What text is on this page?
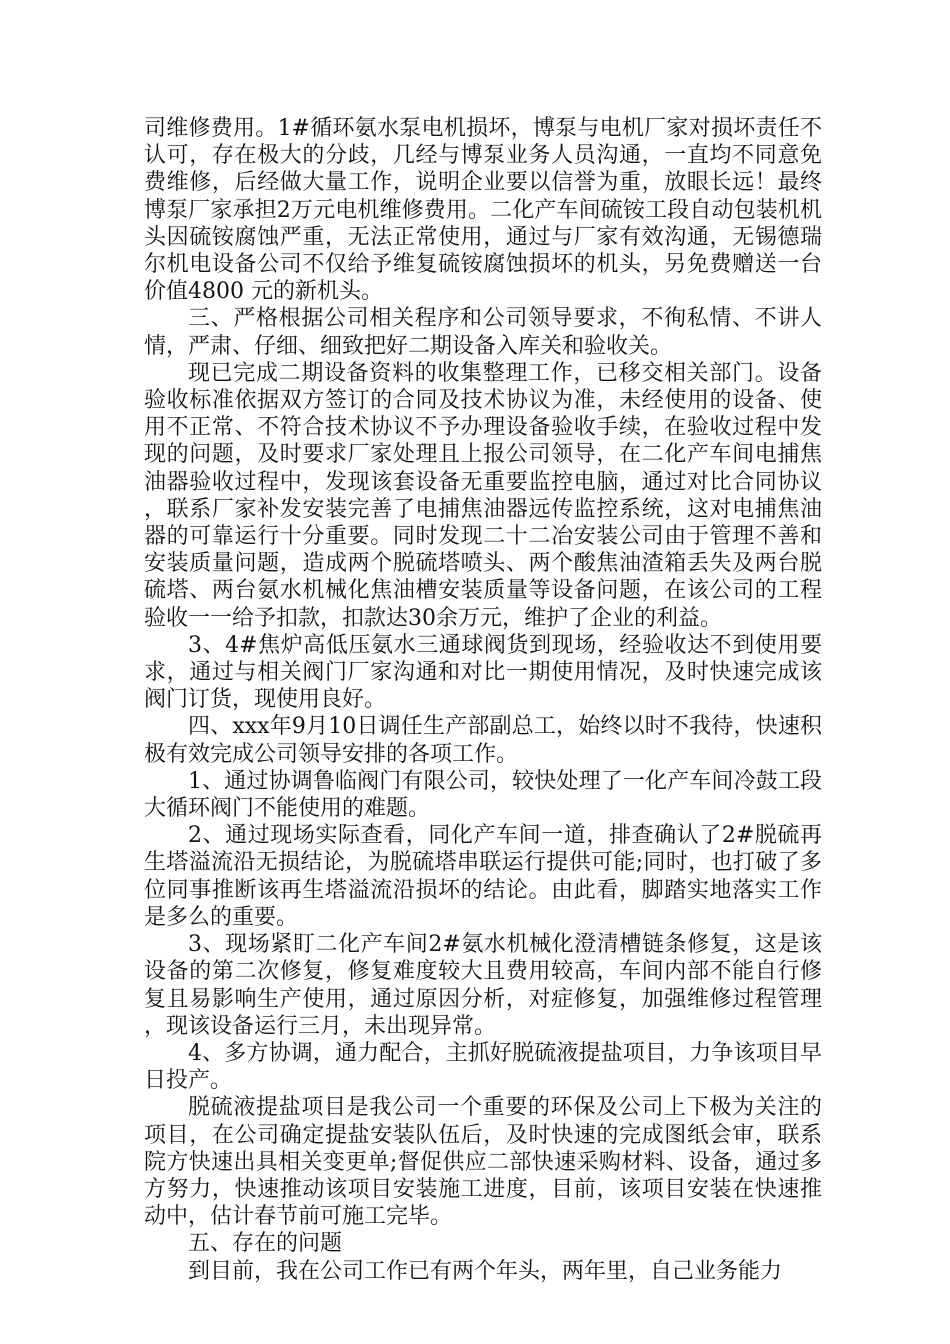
司维修费用。1#循环氨水泵电机损坏，博泵与电机厂家对损坏责任不认可，存在极大的分歧，几经与博泵业务人员沟通，一直均不同意免费维修，后经做大量工作，说明企业要以信誉为重，放眼长远！最终博泵厂家承担2万元电机维修费用。二化产车间硫铵工段自动包装机机头因硫铵腐蚀严重，无法正常使用，通过与厂家有效沟通，无锡德瑞尔机电设备公司不仅给予维复硫铵腐蚀损坏的机头，另免费赠送一台价值4800 元的新机头。

三、严格根据公司相关程序和公司领导要求，不徇私情、不讲人情，严肃、仔细、细致把好二期设备入库关和验收关。

现已完成二期设备资料的收集整理工作，已移交相关部门。设备验收标准依据双方签订的合同及技术协议为准，未经使用的设备、使用不正常、不符合技术协议不予办理设备验收手续，在验收过程中发现的问题，及时要求厂家处理且上报公司领导，在二化产车间电捕焦油器验收过程中，发现该套设备无重要监控电脑，通过对比合同协议，联系厂家补发安装完善了电捕焦油器远传监控系统，这对电捕焦油器的可靠运行十分重要。同时发现二十二冶安装公司由于管理不善和安装质量问题，造成两个脱硫塔喷头、两个酸焦油渣箱丢失及两台脱硫塔、两台氨水机械化焦油槽安装质量等设备问题，在该公司的工程验收一一给予扣款，扣款达30余万元，维护了企业的利益。

3、4#焦炉高低压氨水三通球阀货到现场，经验收达不到使用要求，通过与相关阀门厂家沟通和对比一期使用情况，及时快速完成该阀门订货，现使用良好。

四、xxx年9月10日调任生产部副总工，始终以时不我待，快速积极有效完成公司领导安排的各项工作。

1、通过协调鲁临阀门有限公司，较快处理了一化产车间冷鼓工段大循环阀门不能使用的难题。

2、通过现场实际查看，同化产车间一道，排查确认了2#脱硫再生塔溢流沿无损结论，为脱硫塔串联运行提供可能;同时，也打破了多位同事推断该再生塔溢流沿损坏的结论。由此看，脚踏实地落实工作是多么的重要。

3、现场紧盯二化产车间2#氨水机械化澄清槽链条修复，这是该设备的第二次修复，修复难度较大且费用较高，车间内部不能自行修复且易影响生产使用，通过原因分析，对症修复，加强维修过程管理，现该设备运行三月，未出现异常。

4、多方协调，通力配合，主抓好脱硫液提盐项目，力争该项目早日投产。

脱硫液提盐项目是我公司一个重要的环保及公司上下极为关注的项目，在公司确定提盐安装队伍后，及时快速的完成图纸会审，联系院方快速出具相关变更单;督促供应二部快速采购材料、设备，通过多方努力，快速推动该项目安装施工进度，目前，该项目安装在快速推动中，估计春节前可施工完毕。

五、存在的问题

到目前，我在公司工作已有两个年头，两年里，自己业务能力
